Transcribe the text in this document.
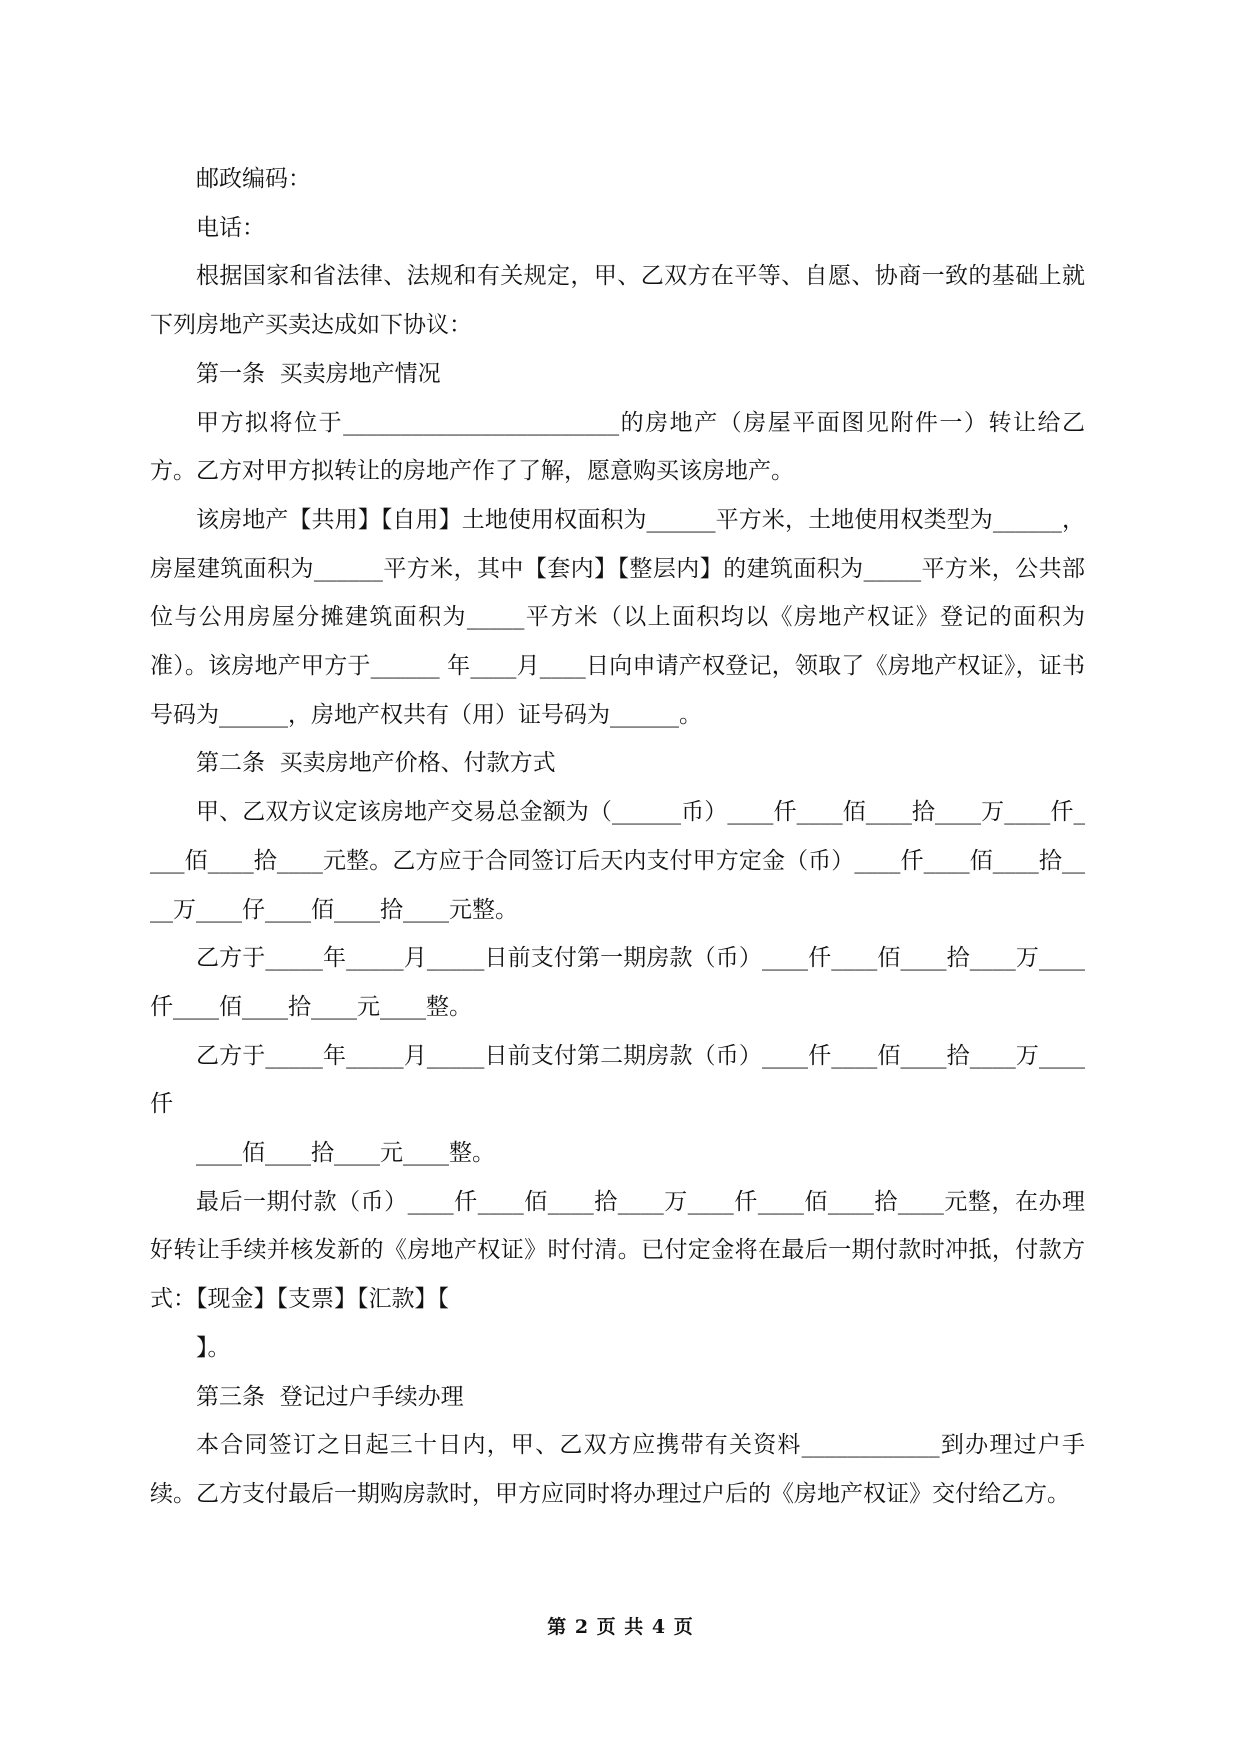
邮政编码：

电话：

根据国家和省法律、法规和有关规定，甲、乙双方在平等、自愿、协商一致的基础上就下列房地产买卖达成如下协议：

第一条  买卖房地产情况

甲方拟将位于________________________的房地产（房屋平面图见附件一）转让给乙方。乙方对甲方拟转让的房地产作了了解，愿意购买该房地产。

该房地产【共用】【自用】土地使用权面积为______平方米，土地使用权类型为______，房屋建筑面积为______平方米，其中【套内】【整层内】的建筑面积为_____平方米，公共部位与公用房屋分摊建筑面积为_____平方米（以上面积均以《房地产权证》登记的面积为准）。该房地产甲方于______ 年____月____日向申请产权登记，领取了《房地产权证》，证书号码为______，房地产权共有（用）证号码为______。

第二条  买卖房地产价格、付款方式

甲、乙双方议定该房地产交易总金额为（______币）____仟____佰____拾____万____仟____佰____拾____元整。乙方应于合同签订后天内支付甲方定金（币）____仟____佰____拾____万____仔____佰____拾____元整。

乙方于_____年_____月_____日前支付第一期房款（币）____仟____佰____拾____万____仟____佰____拾____元____整。

乙方于_____年_____月_____日前支付第二期房款（币）____仟____佰____拾____万____仟

____佰____拾____元____整。

最后一期付款（币）____仟____佰____拾____万____仟____佰____拾____元整，在办理好转让手续并核发新的《房地产权证》时付清。已付定金将在最后一期付款时冲抵，付款方式：【现金】【支票】【汇款】【

】。

第三条  登记过户手续办理

本合同签订之日起三十日内，甲、乙双方应携带有关资料____________到办理过户手续。乙方支付最后一期购房款时，甲方应同时将办理过户后的《房地产权证》交付给乙方。

第 2 页 共 4 页
